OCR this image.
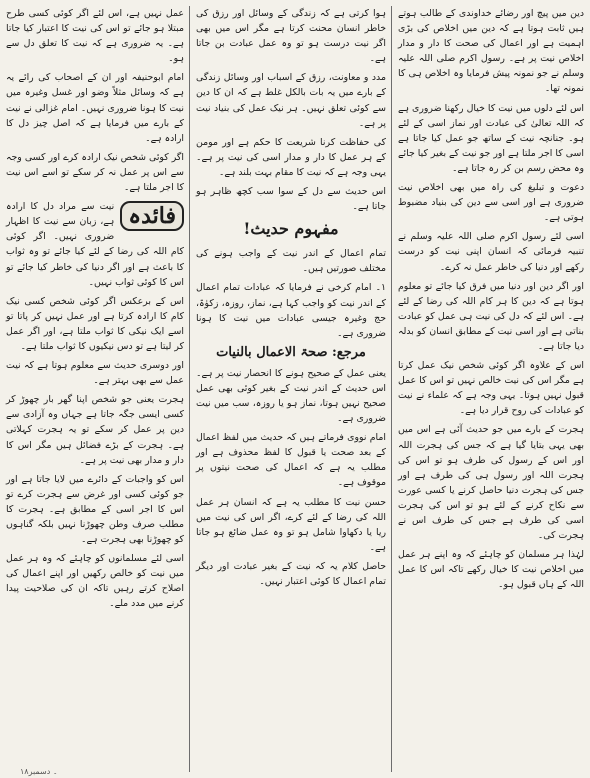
دین میں پیچ اور رضائے خداوندی کے طالب ہوتے ہیں ثابت ہوتا ہے کہ دین میں اخلاص کی بڑی اہمیت ہے اور اعمال کی صحت کا دار و مدار اخلاص نیت پر ہے۔ رسول اکرم صلی اللہ علیہ وسلم نے جو نمونہ پیش فرمایا وہ اخلاص ہی کا نمونہ تھا۔

اس لئے دلوں میں نیت کا خیال رکھنا ضروری ہے کہ اللہ تعالیٰ کی عبادت اور نماز اسی کے لئے ہو۔ جنانچہ نیت کے ساتھ جو عمل کیا جاتا ہے اسی کا اجر ملتا ہے اور جو نیت کے بغیر کیا جائے وہ محض رسم بن کر رہ جاتا ہے۔

دعوت و تبلیغ کی راہ میں بھی اخلاص نیت ضروری ہے اور اسی سے دین کی بنیاد مضبوط ہوتی ہے۔

اسی لئے رسول اکرم صلی اللہ علیہ وسلم نے تنبیہ فرمائی کہ انسان اپنی نیت کو درست رکھے اور دنیا کی خاطر عمل نہ کرے۔

اور اگر دین اور دنیا میں فرق کیا جائے تو معلوم ہوتا ہے کہ دین کا ہر کام اللہ کی رضا کے لئے ہے۔ اس لئے کہ دل کی نیت ہی عمل کو عبادت بناتی ہے اور اسی نیت کے مطابق انسان کو بدلہ دیا جاتا ہے۔

اس کے علاوہ اگر کوئی شخص نیک عمل کرتا ہے مگر اس کی نیت خالص نہیں تو اس کا عمل قبول نہیں ہوتا۔ یہی وجہ ہے کہ علماء نے نیت کو عبادات کی روح قرار دیا ہے۔

ہجرت کے بارے میں جو حدیث آئی ہے اس میں بھی یہی بتایا گیا ہے کہ جس کی ہجرت اللہ اور اس کے رسول کی طرف ہو تو اس کی ہجرت اللہ اور رسول ہی کی طرف ہے اور جس کی ہجرت دنیا حاصل کرنے یا کسی عورت سے نکاح کرنے کے لئے ہو تو اس کی ہجرت اسی کی طرف ہے جس کی طرف اس نے ہجرت کی۔

لہٰذا ہر مسلمان کو چاہئے کہ وہ اپنے ہر عمل میں اخلاص نیت کا خیال رکھے تاکہ اس کا عمل اللہ کے ہاں قبول ہو۔

ہوا کرتی ہے کہ زندگی کے وسائل اور رزق کی خاطر انسان محنت کرتا ہے مگر اس میں بھی اگر نیت درست ہو تو وہ عمل عبادت بن جاتا ہے۔

مدد و معاونت، رزق کے اسباب اور وسائل زندگی کے بارے میں یہ بات بالکل غلط ہے کہ ان کا دین سے کوئی تعلق نہیں۔ ہر نیک عمل کی بنیاد نیت پر ہے۔

کی حفاظت کرنا شریعت کا حکم ہے اور مومن کے ہر عمل کا دار و مدار اسی کی نیت پر ہے۔ یہی وجہ ہے کہ نیت کا مقام بہت بلند ہے۔

اس حدیث سے دل کے سوا سب کچھ ظاہر ہو جاتا ہے۔

مفہوم حدیث!

تمام اعمال کے اندر نیت کے واجب ہونے کی مختلف صورتیں ہیں۔

۱۔ امام کرخی نے فرمایا کہ عبادات تمام اعمال کے اندر نیت کو واجب کہا ہے، نماز، روزہ، زکوٰۃ، حج وغیرہ جیسی عبادات میں نیت کا ہونا ضروری ہے۔

مرجع: صحۃ الاعمال بالنیات

یعنی عمل کے صحیح ہونے کا انحصار نیت پر ہے۔ اس حدیث کے اندر نیت کے بغیر کوئی بھی عمل صحیح نہیں ہوتا، نماز ہو یا روزہ، سب میں نیت ضروری ہے۔

امام نووی فرماتے ہیں کہ حدیث میں لفظ اعمال کے بعد صحت یا قبول کا لفظ محذوف ہے اور مطلب یہ ہے کہ اعمال کی صحت نیتوں پر موقوف ہے۔

حسن نیت کا مطلب یہ ہے کہ انسان ہر عمل اللہ کی رضا کے لئے کرے، اگر اس کی نیت میں ریا یا دکھاوا شامل ہو تو وہ عمل ضائع ہو جاتا ہے۔

حاصل کلام یہ کہ نیت کے بغیر عبادت اور دیگر تمام اعمال کا کوئی اعتبار نہیں۔

عمل نہیں ہے، اس لئے اگر کوئی کسی طرح مبتلا ہو جائے تو اس کی نیت کا اعتبار کیا جاتا ہے۔ یہ ضروری ہے کہ نیت کا تعلق دل سے ہو۔

امام ابوحنیفہ اور ان کے اصحاب کی رائے یہ ہے کہ وسائل مثلاً وضو اور غسل وغیرہ میں نیت کا ہونا ضروری نہیں۔ امام غزالی نے نیت کے بارے میں فرمایا ہے کہ اصل چیز دل کا ارادہ ہے۔

اگر کوئی شخص نیک ارادہ کرے اور کسی وجہ سے اس پر عمل نہ کر سکے تو اسے اس نیت کا اجر ملتا ہے۔

فائدہ
نیت سے مراد دل کا ارادہ ہے، زبان سے نیت کا اظہار ضروری نہیں۔ اگر کوئی کام اللہ کی رضا کے لئے کیا جائے تو وہ ثواب کا باعث ہے اور اگر دنیا کی خاطر کیا جائے تو اس کا کوئی ثواب نہیں۔

اس کے برعکس اگر کوئی شخص کسی نیک کام کا ارادہ کرتا ہے اور عمل نہیں کر پاتا تو اسے ایک نیکی کا ثواب ملتا ہے، اور اگر عمل کر لیتا ہے تو دس نیکیوں کا ثواب ملتا ہے۔

اور دوسری حدیث سے معلوم ہوتا ہے کہ نیت عمل سے بھی بہتر ہے۔

ہجرت یعنی جو شخص اپنا گھر بار چھوڑ کر کسی ایسی جگہ جاتا ہے جہاں وہ آزادی سے دین پر عمل کر سکے تو یہ ہجرت کہلاتی ہے۔ ہجرت کے بڑے فضائل ہیں مگر اس کا دار و مدار بھی نیت پر ہے۔

اس کو واجبات کے دائرے میں لایا جاتا ہے اور جو کوئی کسی اور غرض سے ہجرت کرے تو اس کا اجر اسی کے مطابق ہے۔ ہجرت کا مطلب صرف وطن چھوڑنا نہیں بلکہ گناہوں کو چھوڑنا بھی ہجرت ہے۔

اسی لئے مسلمانوں کو چاہئے کہ وہ ہر عمل میں نیت کو خالص رکھیں اور اپنے اعمال کی اصلاح کرتے رہیں تاکہ ان کی صلاحیت پیدا کرنے میں مدد ملے۔

۱۸۔ دسمبر
